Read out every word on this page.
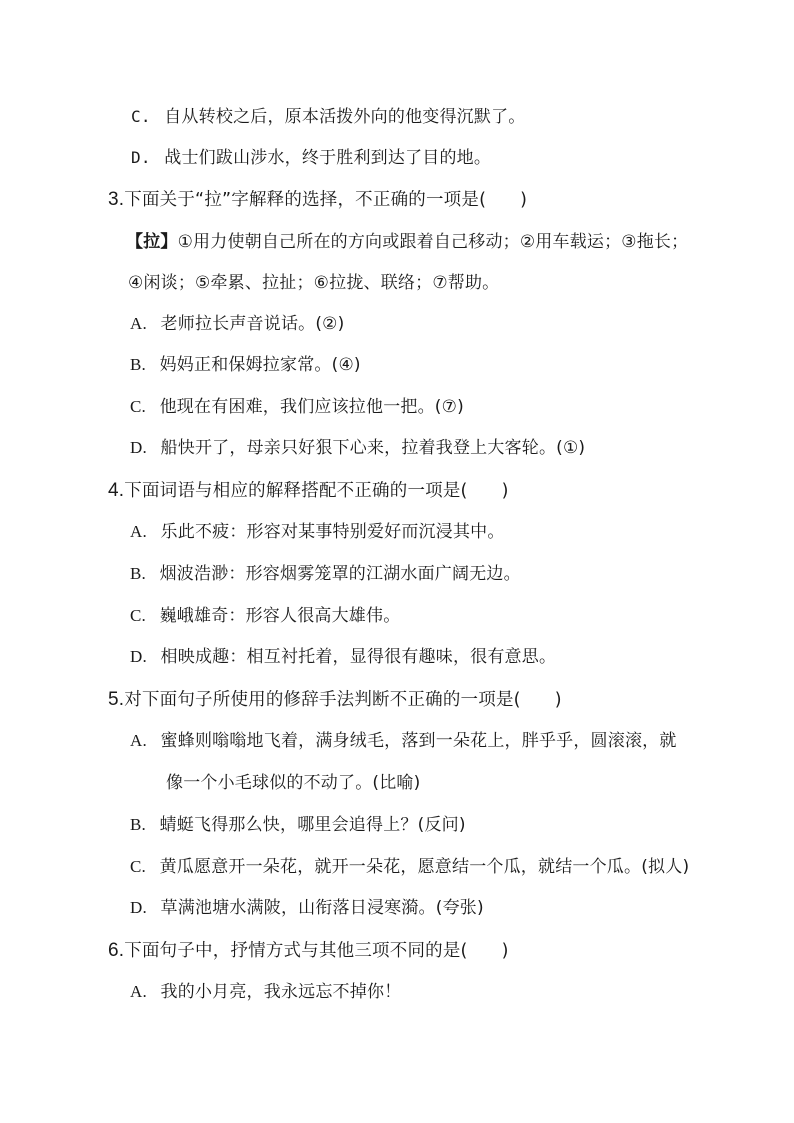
C. 自从转校之后，原本活拨外向的他变得沉默了。
D. 战士们跋山涉水，终于胜利到达了目的地。
3.下面关于“拉”字解释的选择，不正确的一项是( )
【拉】①用力使朝自己所在的方向或跟着自己移动；②用车载运；③拖长；
④闲谈；⑤牵累、拉扯；⑥拉拢、联络；⑦帮助。
A. 老师拉长声音说话。(②)
B. 妈妈正和保姆拉家常。(④)
C. 他现在有困难，我们应该拉他一把。(⑦)
D. 船快开了，母亲只好狠下心来，拉着我登上大客轮。(①)
4.下面词语与相应的解释搭配不正确的一项是( )
A. 乐此不疲：形容对某事特别爱好而沉浸其中。
B. 烟波浩渺：形容烟雾笼罩的江湖水面广阔无边。
C. 巍峨雄奇：形容人很高大雄伟。
D. 相映成趣：相互衬托着，显得很有趣味，很有意思。
5.对下面句子所使用的修辞手法判断不正确的一项是( )
A. 蜜蜂则嗡嗡地飞着，满身绒毛，落到一朵花上，胖乎乎，圆滚滚，就
像一个小毛球似的不动了。(比喻)
B. 蜻蜓飞得那么快，哪里会追得上？(反问)
C. 黄瓜愿意开一朵花，就开一朵花，愿意结一个瓜，就结一个瓜。(拟人)
D. 草满池塘水满陂，山衔落日浸寒漪。(夸张)
6.下面句子中，抒情方式与其他三项不同的是( )
A. 我的小月亮，我永远忘不掉你！
